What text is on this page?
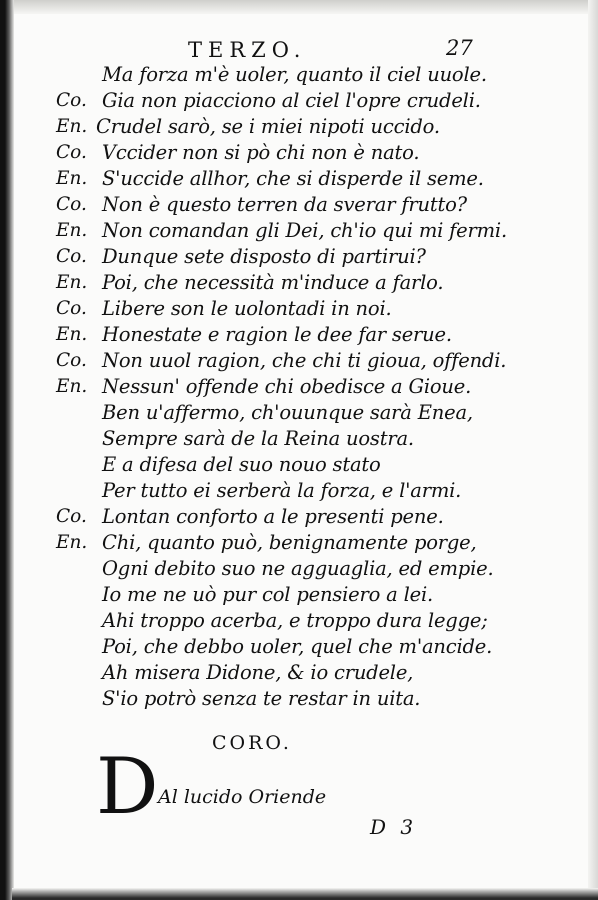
TERZO.	27
Ma forza m'è uoler, quanto il ciel uuole.
Co. Gia non piacciono al ciel l'opre crudeli.
En. Crudel sarò, se i miei nipoti uccido.
Co. Vccider non si pò chi non è nato.
En. S'uccide allhor, che si disperde il seme.
Co. Non è questo terren da sverar frutto?
En. Non comandan gli Dei, ch'io qui mi fermi.
Co. Dunque sete disposto di partirui?
En. Poi, che necessità m'induce a farlo.
Co. Libere son le uolontadi in noi.
En. Honestate e ragion le dee far serue.
Co. Non uuol ragion, che chi ti gioua, offendi.
En. Nessun' offende chi obedisce a Gioue.
Ben u'affermo, ch'ouunque sarà Enea,
Sempre sarà de la Reina uostra.
E a difesa del suo nouo stato
Per tutto ei serberà la forza, e l'armi.
Co. Lontan conforto a le presenti pene.
En. Chi, quanto può, benignamente porge,
Ogni debito suo ne agguaglia, ed empie.
Io me ne uò pur col pensiero a lei.
Ahi troppo acerba, e troppo dura legge;
Poi, che debbo uoler, quel che m'ancide.
Ah misera Didone, & io crudele,
S'io potrò senza te restar in uita.
CORO.
D Al lucido Oriende
D 3
